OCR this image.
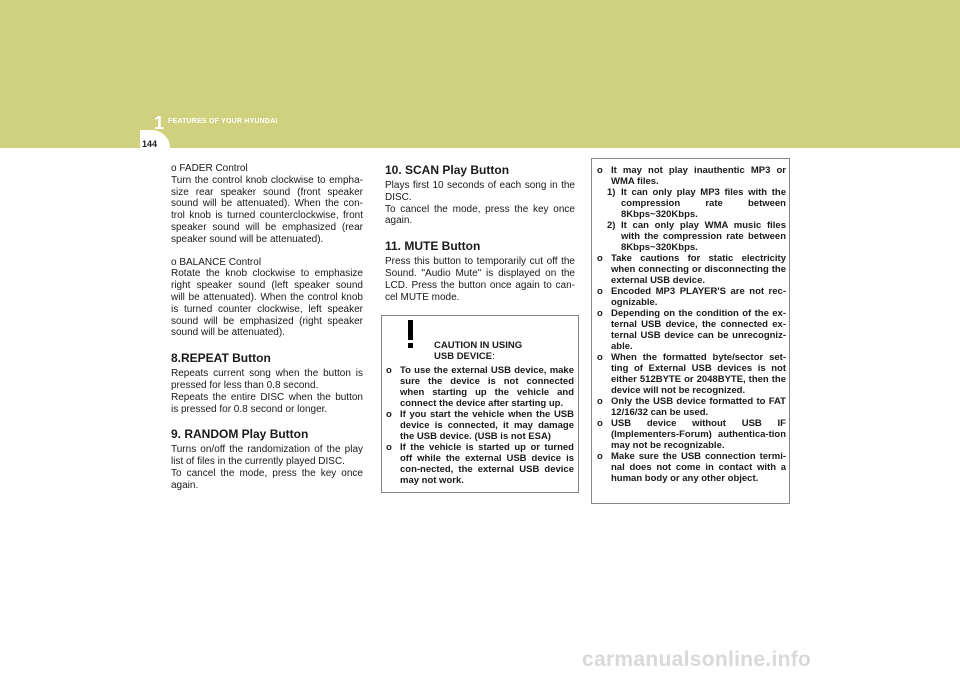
1 FEATURES OF YOUR HYUNDAI
144

o FADER Control

Turn the control knob clockwise to empha-size rear speaker sound (front speaker sound will be attenuated). When the con-trol knob is turned counterclockwise, front speaker sound will be emphasized (rear speaker sound will be attenuated).

o BALANCE Control

Rotate the knob clockwise to emphasize right speaker sound (left speaker sound will be attenuated). When the control knob is turned counter clockwise, left speaker sound will be emphasized (right speaker sound will be attenuated).

8.REPEAT Button

Repeats current song when the button is pressed for less than 0.8 second.

Repeats the entire DISC when the button is pressed for 0.8 second or longer.

9. RANDOM Play Button

Turns on/off the randomization of the play list of files in the currently played DISC.

To cancel the mode, press the key once again.

10. SCAN Play Button

Plays first 10 seconds of each song in the DISC.

To cancel the mode, press the key once again.

11. MUTE Button

Press this button to temporarily cut off the Sound. "Audio Mute" is displayed on the LCD. Press the button once again to can-cel MUTE mode.

CAUTION IN USING
USB DEVICE:
o To use the external USB device, make sure the device is not connected when starting up the vehicle and connect the device after starting up.
o If you start the vehicle when the USB device is connected, it may damage the USB device. (USB is not ESA)
o If the vehicle is started up or turned off while the external USB device is con-nected, the external USB device may not work.
o It may not play inauthentic MP3 or WMA files.
1) It can only play MP3 files with the compression rate between 8Kbps~320Kbps.
2) It can only play WMA music files with the compression rate between 8Kbps~320Kbps.
o Take cautions for static electricity when connecting or disconnecting the external USB device.
o Encoded MP3 PLAYER'S are not rec-ognizable.
o Depending on the condition of the ex-ternal USB device, the connected ex-ternal USB device can be unrecogniz-able.
o When the formatted byte/sector set-ting of External USB devices is not either 512BYTE or 2048BYTE, then the device will not be recognized.
o Only the USB device formatted to FAT 12/16/32 can be used.
o USB device without USB IF (Implementers-Forum) authentica-tion may not be recognizable.
o Make sure the USB connection termi-nal does not come in contact with a human body or any other object.
carmanualsonline.info
